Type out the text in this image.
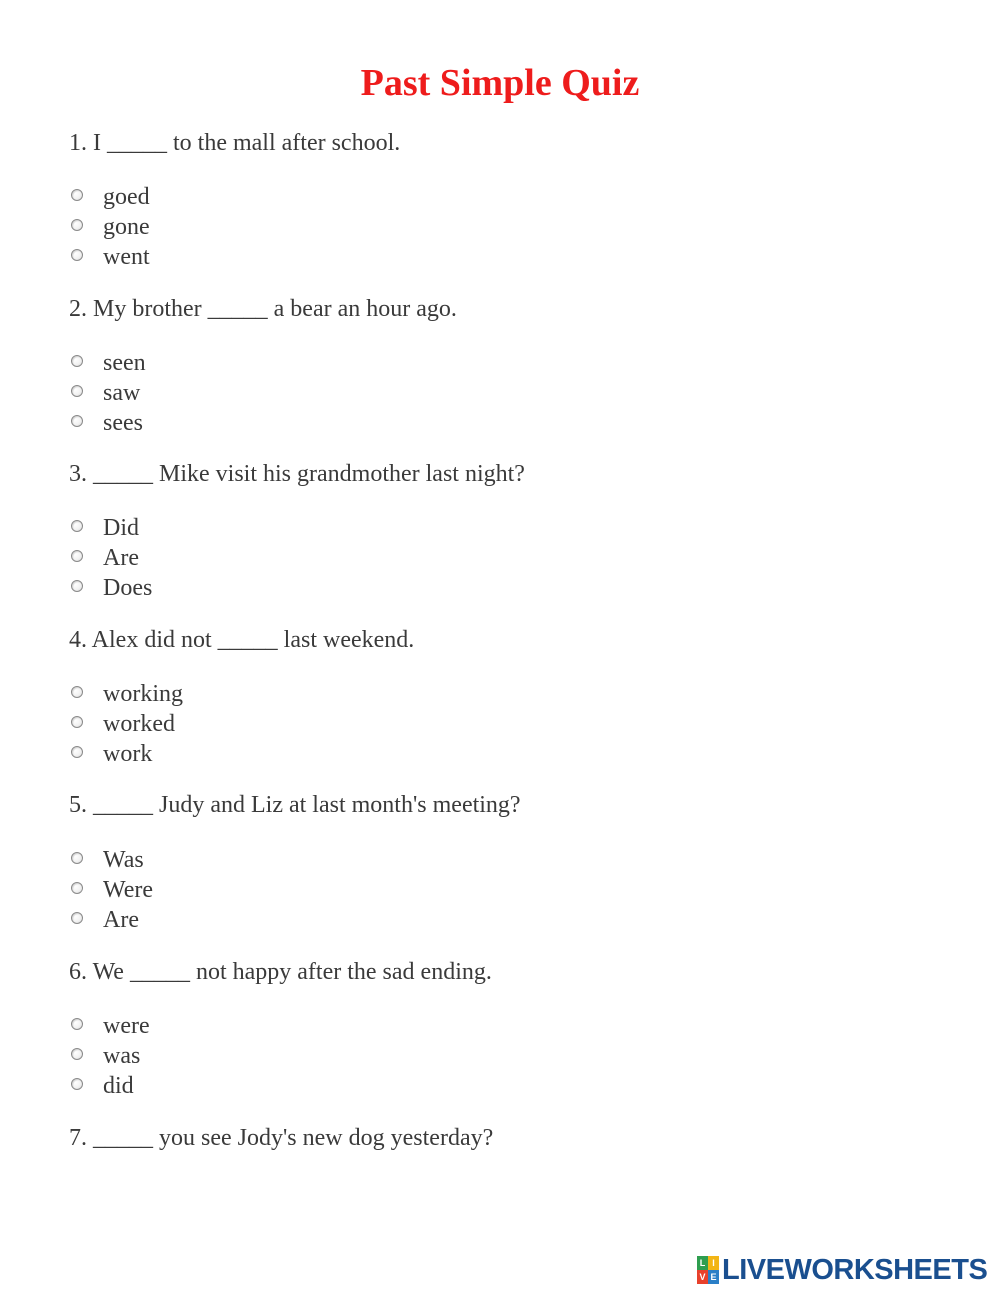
Past Simple Quiz
1. I _____ to the mall after school.
goed
gone
went
2. My brother _____ a bear an hour ago.
seen
saw
sees
3. _____ Mike visit his grandmother last night?
Did
Are
Does
4. Alex did not _____ last weekend.
working
worked
work
5. _____ Judy and Liz at last month's meeting?
Was
Were
Are
6. We _____ not happy after the sad ending.
were
was
did
7. _____ you see Jody's new dog yesterday?
L I
V E LIVEWORKSHEETS
